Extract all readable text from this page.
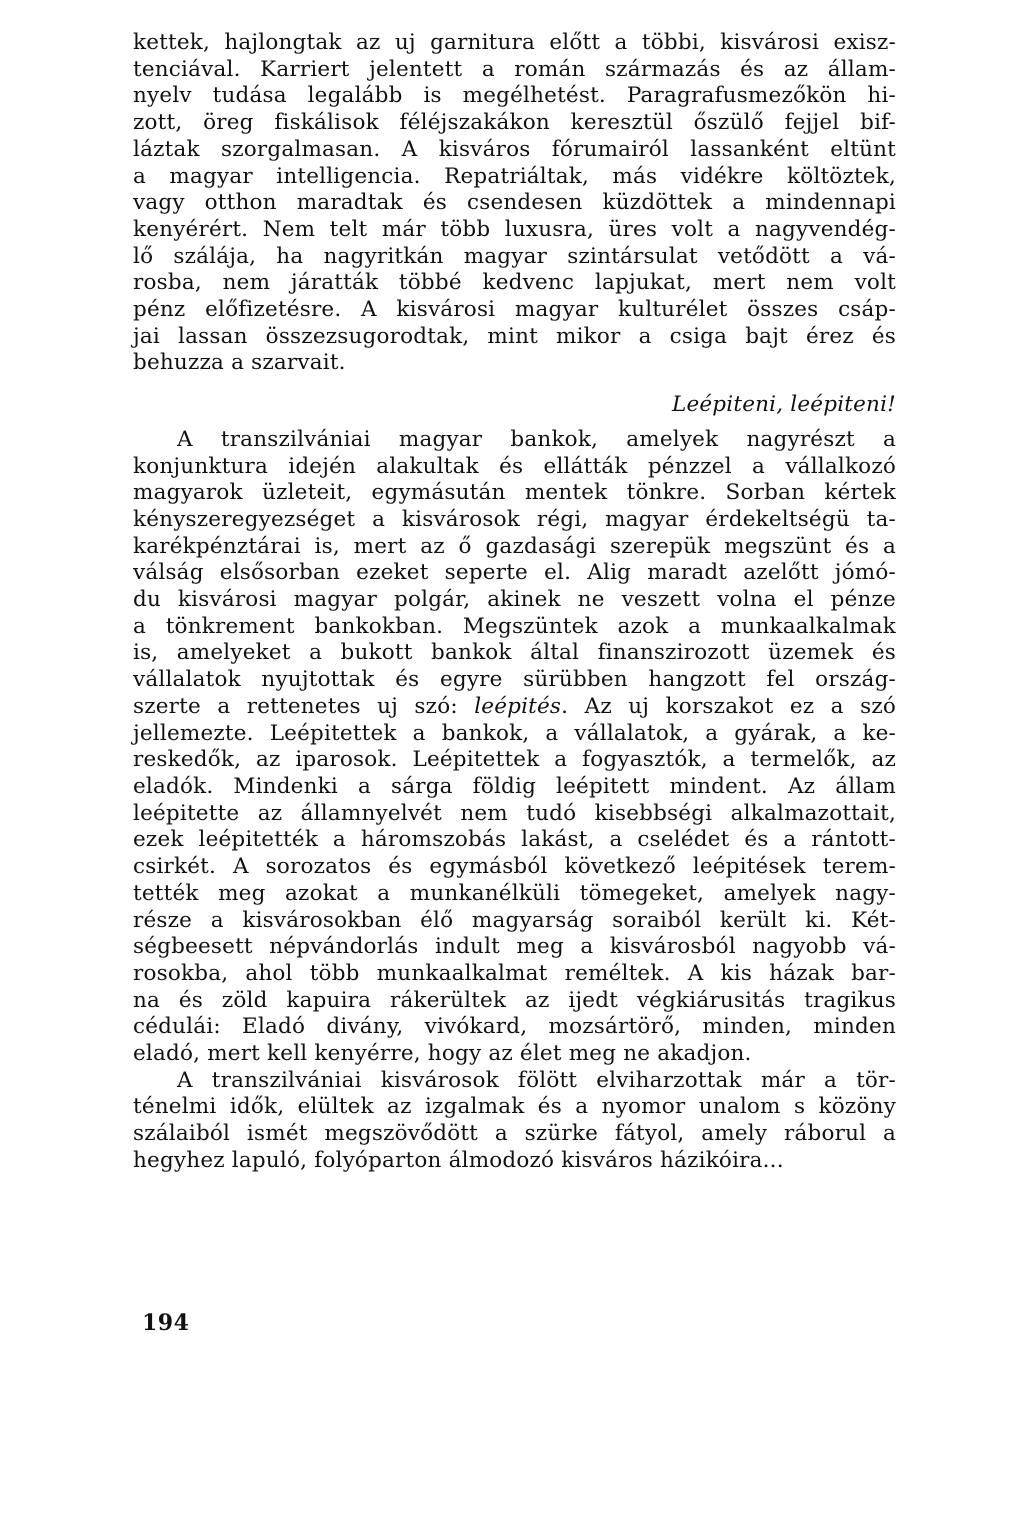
kettek, hajlongtak az uj garnitura előtt a többi, kisvárosi exisz-
tenciával. Karriert jelentett a román származás és az állam-
nyelv tudása legalább is megélhetést. Paragrafusmezőkön hi-
zott, öreg fiskálisok féléjszakákon keresztül őszülő fejjel bif-
láztak szorgalmasan. A kisváros fórumairól lassanként eltünt
a magyar intelligencia. Repatriáltak, más vidékre költöztek,
vagy otthon maradtak és csendesen küzdöttek a mindennapi
kenyérért. Nem telt már több luxusra, üres volt a nagyvendég-
lő szálája, ha nagyritkán magyar szintársulat vetődött a vá-
rosba, nem járatták többé kedvenc lapjukat, mert nem volt
pénz előfizetésre. A kisvárosi magyar kulturélet összes csáp-
jai lassan összezsugorodtak, mint mikor a csiga bajt érez és
behuzza a szarvait.
Leépiteni, leépiteni!
A transzilvániai magyar bankok, amelyek nagyrészt a
konjunktura idején alakultak és ellátták pénzzel a vállalkozó
magyarok üzleteit, egymásután mentek tönkre. Sorban kértek
kényszeregyezséget a kisvárosok régi, magyar érdekeltségü ta-
karékpénztárai is, mert az ő gazdasági szerepük megszünt és a
válság elsősorban ezeket seperte el. Alig maradt azelőtt jómó-
du kisvárosi magyar polgár, akinek ne veszett volna el pénze
a tönkrement bankokban. Megszüntek azok a munkaalkalmak
is, amelyeket a bukott bankok által finanszirozott üzemek és
vállalatok nyujtottak és egyre sürübben hangzott fel ország-
szerte a rettenetes uj szó: leépités. Az uj korszakot ez a szó
jellemezte. Leépitettek a bankok, a vállalatok, a gyárak, a ke-
reskedők, az iparosok. Leépitettek a fogyasztók, a termelők, az
eladók. Mindenki a sárga földig leépitett mindent. Az állam
leépitette az államnyelvét nem tudó kisebbségi alkalmazottait,
ezek leépitették a háromszobás lakást, a cselédet és a rántott-
csirkét. A sorozatos és egymásból következő leépitések terem-
tették meg azokat a munkanélküli tömegeket, amelyek nagy-
része a kisvárosokban élő magyarság soraiból került ki. Két-
ségbeesett népvándorlás indult meg a kisvárosból nagyobb vá-
rosokba, ahol több munkaalkalmat reméltek. A kis házak bar-
na és zöld kapuira rákerültek az ijedt végkiárusitás tragikus
cédulái: Eladó divány, vivókard, mozsártörő, minden, minden
eladó, mert kell kenyérre, hogy az élet meg ne akadjon.
A transzilvániai kisvárosok fölött elviharzottak már a tör-
ténelmi idők, elültek az izgalmak és a nyomor unalom s közöny
szálaiból ismét megszövődött a szürke fátyol, amely ráborul a
hegyhez lapuló, folyóparton álmodozó kisváros házikóira...
194
